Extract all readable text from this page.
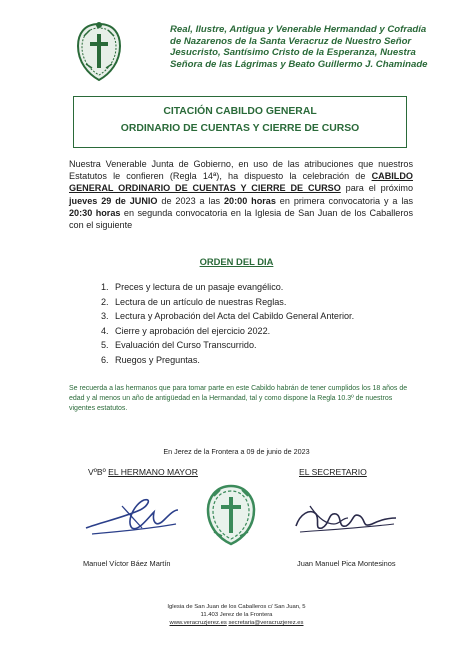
Real, Ilustre, Antigua y Venerable Hermandad y Cofradía de Nazarenos de la Santa Veracruz de Nuestro Señor Jesucristo, Santísimo Cristo de la Esperanza, Nuestra Señora de las Lágrimas y Beato Guillermo J. Chaminade
CITACIÓN CABILDO GENERAL
ORDINARIO DE CUENTAS Y CIERRE DE CURSO
Nuestra Venerable Junta de Gobierno, en uso de las atribuciones que nuestros Estatutos le confieren (Regla 14ª), ha dispuesto la celebración de CABILDO GENERAL ORDINARIO DE CUENTAS Y CIERRE DE CURSO para el próximo jueves 29 de JUNIO de 2023 a las 20:00 horas en primera convocatoria y a las 20:30 horas en segunda convocatoria en la Iglesia de San Juan de los Caballeros con el siguiente
ORDEN DEL DIA
1. Preces y lectura de un pasaje evangélico.
2. Lectura de un artículo de nuestras Reglas.
3. Lectura y Aprobación del Acta del Cabildo General Anterior.
4. Cierre y aprobación del ejercicio 2022.
5. Evaluación del Curso Transcurrido.
6. Ruegos y Preguntas.
Se recuerda a las hermanos que para tomar parte en este Cabildo habrán de tener cumplidos los 18 años de edad y al menos un año de antigüedad en la Hermandad, tal y como dispone la Regla 10.3º de nuestros vigentes estatutos.
En Jerez de la Frontera a 09 de junio de 2023
VºBº EL HERMANO MAYOR	EL SECRETARIO
Manuel Víctor Báez Martín	Juan Manuel Pica Montesinos
Iglesia de San Juan de los Caballeros c/ San Juan, 5
11.403 Jerez de la Frontera
www.veracruzjerez.es secretaria@veracruzjerez.es
